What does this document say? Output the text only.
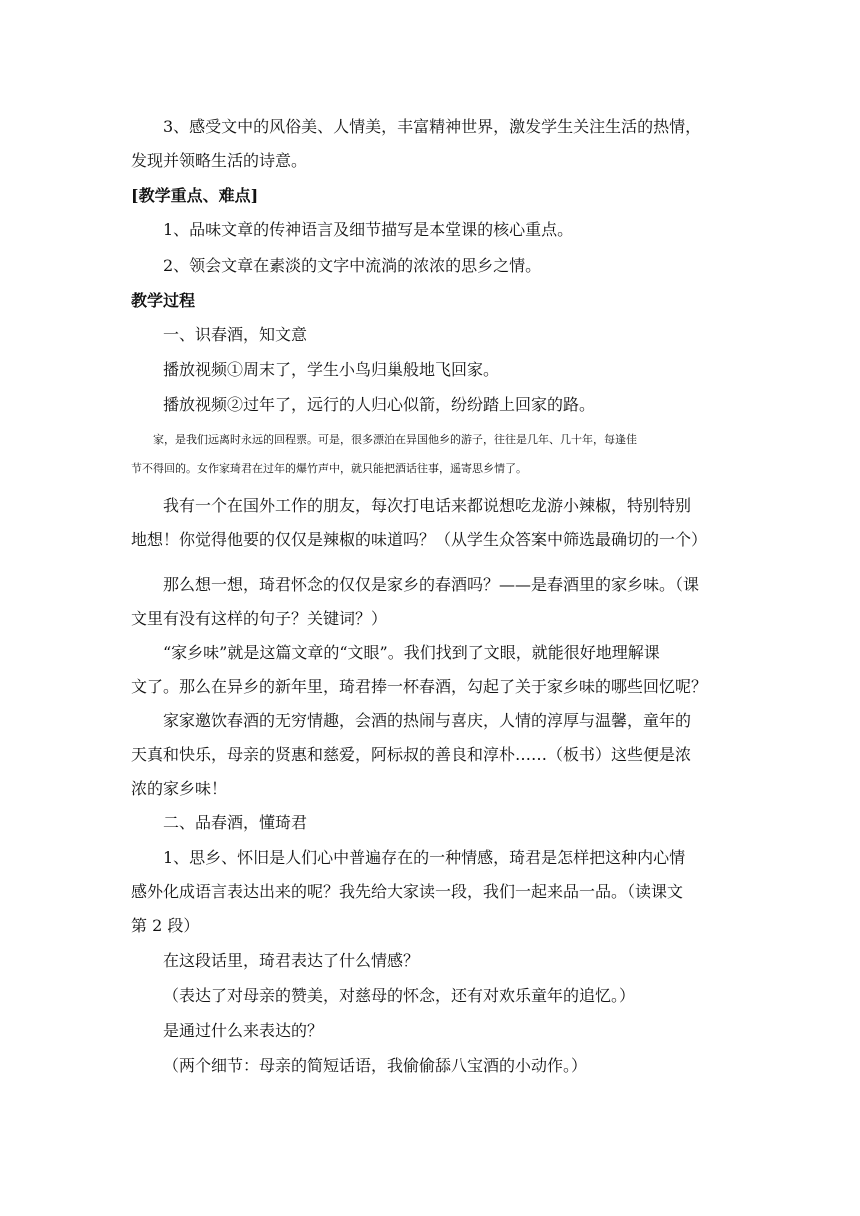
3、感受文中的风俗美、人情美，丰富精神世界，激发学生关注生活的热情，
发现并领略生活的诗意。
[教学重点、难点]
1、品味文章的传神语言及细节描写是本堂课的核心重点。
2、领会文章在素淡的文字中流淌的浓浓的思乡之情。
教学过程
一、识春酒，知文意
播放视频①周末了，学生小鸟归巢般地飞回家。
播放视频②过年了，远行的人归心似箭，纷纷踏上回家的路。
家，是我们远离时永远的回程票。可是，很多漂泊在异国他乡的游子，往往是几年、几十年，每逢佳
节不得回的。女作家琦君在过年的爆竹声中，就只能把酒话往事，遥寄思乡情了。
我有一个在国外工作的朋友，每次打电话来都说想吃龙游小辣椒，特别特别
地想！你觉得他要的仅仅是辣椒的味道吗？（从学生众答案中筛选最确切的一个）
那么想一想，琦君怀念的仅仅是家乡的春酒吗？——是春酒里的家乡味。（课
文里有没有这样的句子？关键词？）
“家乡味”就是这篇文章的“文眼”。我们找到了文眼，就能很好地理解课
文了。那么在异乡的新年里，琦君捧一杯春酒，勾起了关于家乡味的哪些回忆呢？
家家邀饮春酒的无穷情趣，会酒的热闹与喜庆，人情的淳厚与温馨，童年的
天真和快乐，母亲的贤惠和慈爱，阿标叔的善良和淳朴……（板书）这些便是浓
浓的家乡味！
二、品春酒，懂琦君
1、思乡、怀旧是人们心中普遍存在的一种情感，琦君是怎样把这种内心情
感外化成语言表达出来的呢？我先给大家读一段，我们一起来品一品。（读课文
第 2 段）
在这段话里，琦君表达了什么情感？
（表达了对母亲的赞美，对慈母的怀念，还有对欢乐童年的追忆。）
是通过什么来表达的？
（两个细节：母亲的简短话语，我偷偷舔八宝酒的小动作。）
